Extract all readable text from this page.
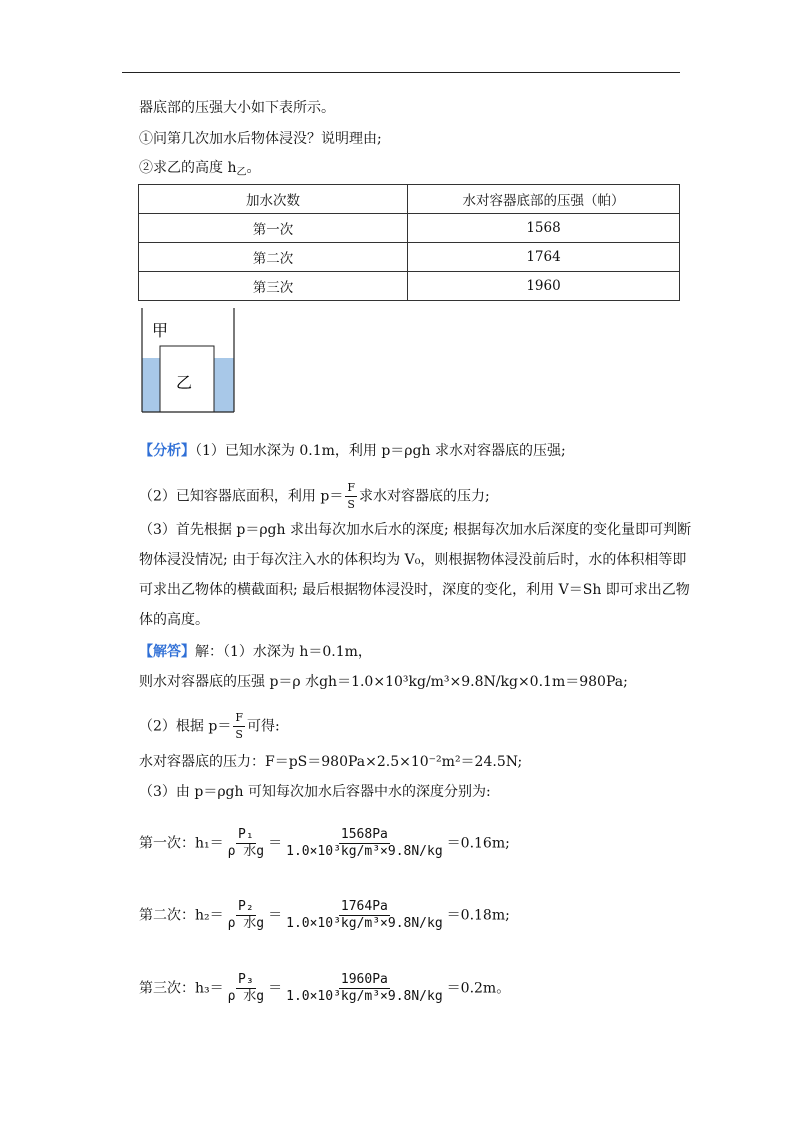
器底部的压强大小如下表所示。
①问第几次加水后物体浸没？说明理由;
②求乙的高度 $h_乙$。
加水次数	水对容器底部的压强（帕）
第一次	1568
第二次	1764
第三次	1960
甲
乙
【分析】（1）已知水深为 0.1m，利用 p＝ρgh 求水对容器底的压强;
（2）已知容器底面积，利用 $p= \frac{F}{S}$ 求水对容器底的压力;
（3）首先根据 p＝ρgh 求出每次加水后水的深度; 根据每次加水后深度的变化量即可判断
物体浸没情况; 由于每次注入水的体积均为 V₀，则根据物体浸没前后时，水的体积相等即
可求出乙物体的横截面积; 最后根据物体浸没时，深度的变化，利用 V＝Sh 即可求出乙物
体的高度。
【解答】解：（1）水深为 h＝0.1m，
则水对容器底的压强 p＝ρ 水gh＝1.0×10³kg/m³×9.8N/kg×0.1m＝980Pa;
（2）根据 $p= \frac{F}{S}$ 可得:
水对容器底的压力：F＝pS＝980Pa×2.5×10⁻²m²＝24.5N;
（3）由 p＝ρgh 可知每次加水后容器中水的深度分别为:
第一次：$h_1= \frac{\text{P₁}}{\text{ρ 水g}} = \frac{1568Pa}{\text{1.0×10³kg/m³×9.8N/kg}} =0.16m$;
第二次：$h_2= \frac{\text{P₂}}{\text{ρ 水g}} = \frac{1764Pa}{\text{1.0×10³kg/m³×9.8N/kg}} =0.18m$;
第三次：$h_3= \frac{\text{P₃}}{\text{ρ 水g}} = \frac{1960Pa}{\text{1.0×10³kg/m³×9.8N/kg}} =0.2m$。
